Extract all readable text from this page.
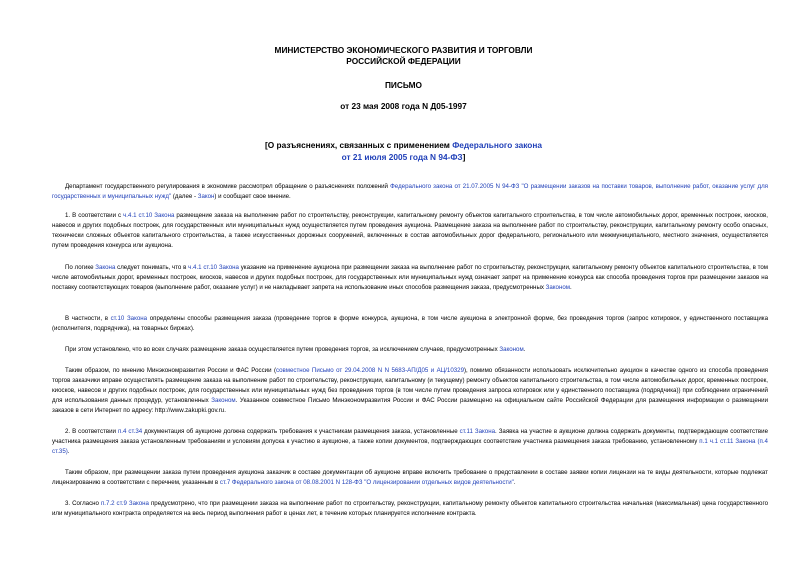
МИНИСТЕРСТВО ЭКОНОМИЧЕСКОГО РАЗВИТИЯ И ТОРГОВЛИ
РОССИЙСКОЙ ФЕДЕРАЦИИ
ПИСЬМО
от 23 мая 2008 года N Д05-1997
[О разъяснениях, связанных с применением Федерального закона
от 21 июля 2005 года N 94-ФЗ]

Департамент государственного регулирования в экономике рассмотрел обращение о разъяснениях положений Федерального закона от 21.07.2005 N 94-ФЗ "О размещении заказов на поставки товаров, выполнение работ, оказание услуг для государственных и муниципальных нужд" (далее - Закон) и сообщает свое мнение.

1. В соответствии с ч.4.1 ст.10 Закона размещение заказа на выполнение работ по строительству, реконструкции, капитальному ремонту объектов капитального строительства, в том числе автомобильных дорог, временных построек, киосков, навесов и других подобных построек, для государственных или муниципальных нужд осуществляется путем проведения аукциона. Размещение заказа на выполнение работ по строительству, реконструкции, капитальному ремонту особо опасных, технически сложных объектов капитального строительства, а также искусственных дорожных сооружений, включенных в состав автомобильных дорог федерального, регионального или межмуниципального, местного значения, осуществляется путем проведения конкурса или аукциона.

По логике Закона следует понимать, что в ч.4.1 ст.10 Закона указание на применение аукциона при размещении заказа на выполнение работ по строительству, реконструкции, капитальному ремонту объектов капитального строительства, в том числе автомобильных дорог, временных построек, киосков, навесов и других подобных построек, для государственных или муниципальных нужд означает запрет на применение конкурса как способа проведения торгов при размещении заказов на поставку соответствующих товаров (выполнение работ, оказание услуг) и не накладывает запрета на использование иных способов размещения заказа, предусмотренных Законом.

В частности, в ст.10 Закона определены способы размещения заказа (проведение торгов в форме конкурса, аукциона, в том числе аукциона в электронной форме, без проведения торгов (запрос котировок, у единственного поставщика (исполнителя, подрядчика), на товарных биржах).

При этом установлено, что во всех случаях размещение заказа осуществляется путем проведения торгов, за исключением случаев, предусмотренных Законом.

Таким образом, по мнению Минэкономразвития России и ФАС России (совместное Письмо от 29.04.2008 N N 5683-АП/Д05 и АЦ/10329), помимо обязанности использовать исключительно аукцион в качестве одного из способа проведения торгов заказчики вправе осуществлять размещение заказа на выполнение работ по строительству, реконструкции, капитальному (и текущему) ремонту объектов капитального строительства, в том числе автомобильных дорог, временных построек, киосков, навесов и других подобных построек, для государственных или муниципальных нужд без проведения торгов (в том числе путем проведения запроса котировок или у единственного поставщика (подрядчика)) при соблюдении ограничений для использования данных процедур, установленных Законом. Указанное совместное Письмо Минэкономразвития России и ФАС России размещено на официальном сайте Российской Федерации для размещения информации о размещении заказов в сети Интернет по адресу: http://www.zakupki.gov.ru.

2. В соответствии п.4 ст.34 документация об аукционе должна содержать требования к участникам размещения заказа, установленные ст.11 Закона. Заявка на участие в аукционе должна содержать документы, подтверждающие соответствие участника размещения заказа установленным требованиям и условиям допуска к участию в аукционе, а также копии документов, подтверждающих соответствие участника размещения заказа требованию, установленному п.1 ч.1 ст.11 Закона (п.4 ст.35).

Таким образом, при размещении заказа путем проведения аукциона заказчик в составе документации об аукционе вправе включить требование о представлении в составе заявки копии лицензии на те виды деятельности, которые подлежат лицензированию в соответствии с перечнем, указанным в ст.7 Федерального закона от 08.08.2001 N 128-ФЗ "О лицензировании отдельных видов деятельности".

3. Согласно п.7.2 ст.9 Закона предусмотрено, что при размещении заказа на выполнение работ по строительству, реконструкции, капитальному ремонту объектов капитального строительства начальная (максимальная) цена государственного или муниципального контракта определяется на весь период выполнения работ в ценах лет, в течение которых планируется исполнение контракта.
